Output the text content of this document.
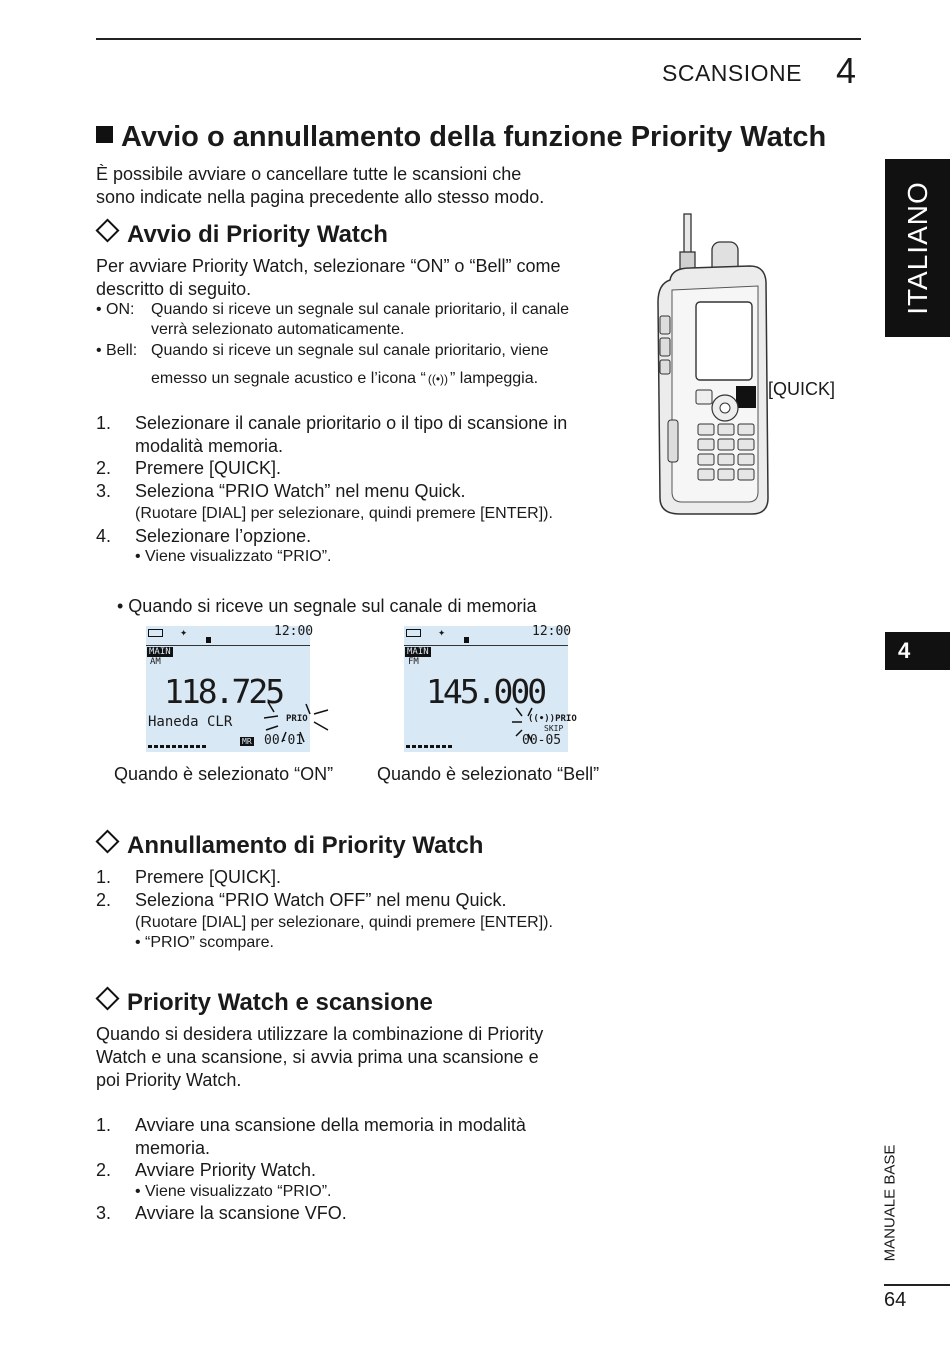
SCANSIONE 4
ITALIANO
4
MANUALE BASE
64
Avvio o annullamento della funzione Priority Watch
È possibile avviare o cancellare tutte le scansioni che
sono indicate nella pagina precedente allo stesso modo.
Avvio di Priority Watch
Per avviare Priority Watch, selezionare “ON” o “Bell” come
descritto di seguito.
• ON: Quando si riceve un segnale sul canale prioritario, il canale
verrà selezionato automaticamente.
• Bell: Quando si riceve un segnale sul canale prioritario, viene
emesso un segnale acustico e l’icona “ ((•)) ” lampeggia.
1. Selezionare il canale prioritario o il tipo di scansione in
modalità memoria.
2. Premere [QUICK].
3. Seleziona “PRIO Watch” nel menu Quick.
(Ruotare [DIAL] per selezionare, quindi premere [ENTER]).
4. Selezionare l’opzione.
• Viene visualizzato “PRIO”.
[QUICK]
• Quando si riceve un segnale sul canale di memoria
✦	12:00
MAIN
AM
118.725
Haneda CLR	PRIO
MR 00-01
Quando è selezionato “ON”
✦	12:00
MAIN
FM
145.000
((•))PRIO
SKIP
00-05
Quando è selezionato “Bell”
Annullamento di Priority Watch
1. Premere [QUICK].
2. Seleziona “PRIO Watch OFF” nel menu Quick.
(Ruotare [DIAL] per selezionare, quindi premere [ENTER]).
• “PRIO” scompare.
Priority Watch e scansione
Quando si desidera utilizzare la combinazione di Priority
Watch e una scansione, si avvia prima una scansione e
poi Priority Watch.
1. Avviare una scansione della memoria in modalità
memoria.
2. Avviare Priority Watch.
• Viene visualizzato “PRIO”.
3. Avviare la scansione VFO.
